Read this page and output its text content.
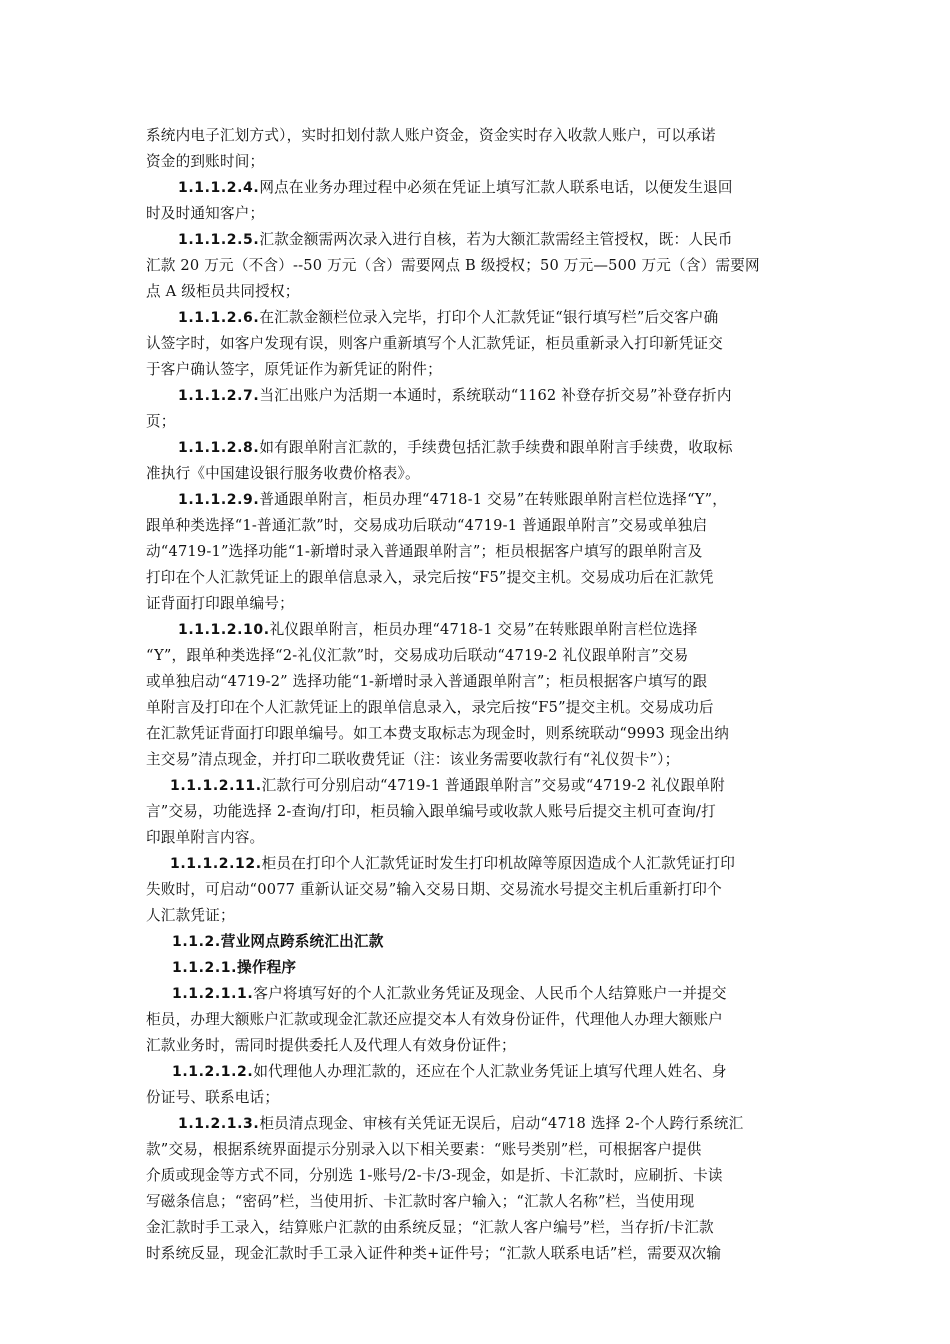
系统内电子汇划方式），实时扣划付款人账户资金，资金实时存入收款人账户，可以承诺

资金的到账时间；

1.1.1.2.4.网点在业务办理过程中必须在凭证上填写汇款人联系电话，以便发生退回

时及时通知客户；

1.1.1.2.5.汇款金额需两次录入进行自核，若为大额汇款需经主管授权，既：人民币

汇款 20 万元（不含）--50 万元（含）需要网点 B 级授权；50 万元—500 万元（含）需要网

点 A 级柜员共同授权；

1.1.1.2.6.在汇款金额栏位录入完毕，打印个人汇款凭证“银行填写栏”后交客户确

认签字时，如客户发现有误，则客户重新填写个人汇款凭证，柜员重新录入打印新凭证交

于客户确认签字，原凭证作为新凭证的附件；

1.1.1.2.7.当汇出账户为活期一本通时，系统联动“1162 补登存折交易”补登存折内

页；

1.1.1.2.8.如有跟单附言汇款的，手续费包括汇款手续费和跟单附言手续费，收取标

准执行《中国建设银行服务收费价格表》。

1.1.1.2.9.普通跟单附言，柜员办理“4718-1 交易”在转账跟单附言栏位选择“Y”，

跟单种类选择“1-普通汇款”时，交易成功后联动“4719-1 普通跟单附言”交易或单独启

动“4719-1”选择功能“1-新增时录入普通跟单附言”；柜员根据客户填写的跟单附言及

打印在个人汇款凭证上的跟单信息录入，录完后按“F5”提交主机。交易成功后在汇款凭

证背面打印跟单编号；

1.1.1.2.10.礼仪跟单附言，柜员办理“4718-1 交易”在转账跟单附言栏位选择

“Y”，跟单种类选择“2-礼仪汇款”时，交易成功后联动“4719-2 礼仪跟单附言”交易

或单独启动“4719-2” 选择功能“1-新增时录入普通跟单附言”；柜员根据客户填写的跟

单附言及打印在个人汇款凭证上的跟单信息录入，录完后按“F5”提交主机。交易成功后

在汇款凭证背面打印跟单编号。如工本费支取标志为现金时，则系统联动“9993 现金出纳

主交易”清点现金，并打印二联收费凭证（注：该业务需要收款行有“礼仪贺卡”）；

1.1.1.2.11.汇款行可分别启动“4719-1 普通跟单附言”交易或“4719-2 礼仪跟单附

言”交易，功能选择 2-查询/打印，柜员输入跟单编号或收款人账号后提交主机可查询/打

印跟单附言内容。

1.1.1.2.12.柜员在打印个人汇款凭证时发生打印机故障等原因造成个人汇款凭证打印

失败时，可启动“0077 重新认证交易”输入交易日期、交易流水号提交主机后重新打印个

人汇款凭证；

1.1.2.营业网点跨系统汇出汇款

1.1.2.1.操作程序

1.1.2.1.1.客户将填写好的个人汇款业务凭证及现金、人民币个人结算账户一并提交

柜员，办理大额账户汇款或现金汇款还应提交本人有效身份证件，代理他人办理大额账户

汇款业务时，需同时提供委托人及代理人有效身份证件；

1.1.2.1.2.如代理他人办理汇款的，还应在个人汇款业务凭证上填写代理人姓名、身

份证号、联系电话；

1.1.2.1.3.柜员清点现金、审核有关凭证无误后，启动“4718 选择 2-个人跨行系统汇

款”交易，根据系统界面提示分别录入以下相关要素：“账号类别”栏，可根据客户提供

介质或现金等方式不同，分别选 1-账号/2-卡/3-现金，如是折、卡汇款时，应刷折、卡读

写磁条信息；“密码”栏，当使用折、卡汇款时客户输入；“汇款人名称”栏，当使用现

金汇款时手工录入，结算账户汇款的由系统反显；“汇款人客户编号”栏，当存折/卡汇款

时系统反显，现金汇款时手工录入证件种类+证件号；“汇款人联系电话”栏，需要双次输
